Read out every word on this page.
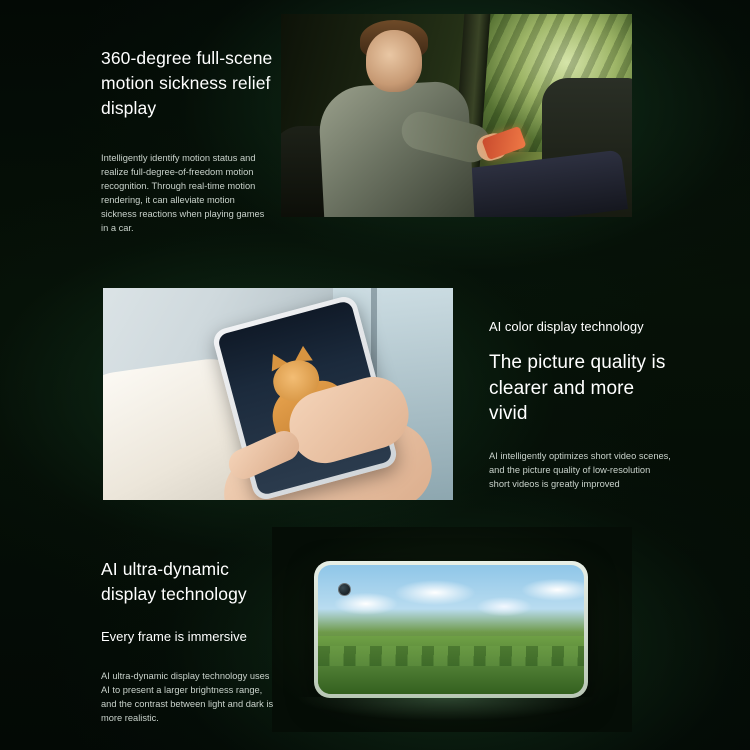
360-degree full-scene motion sickness relief display
Intelligently identify motion status and realize full-degree-of-freedom motion recognition. Through real-time motion rendering, it can alleviate motion sickness reactions when playing games in a car.
AI color display technology
The picture quality is clearer and more vivid
AI intelligently optimizes short video scenes, and the picture quality of low-resolution short videos is greatly improved
AI ultra-dynamic display technology
Every frame is immersive
AI ultra-dynamic display technology uses AI to present a larger brightness range, and the contrast between light and dark is more realistic.
